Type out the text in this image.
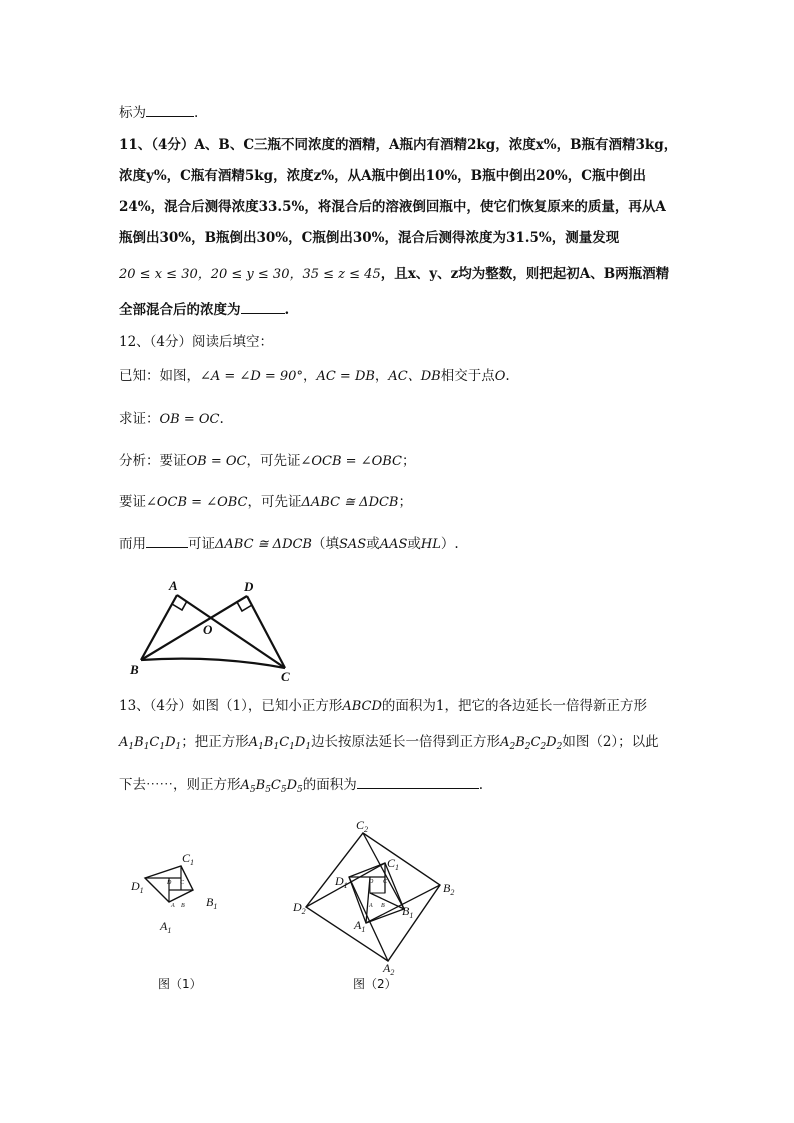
标为	.
11、（4分）A、B、C三瓶不同浓度的酒精，A瓶内有酒精2kg，浓度x%，B瓶有酒精3kg，
浓度y%，C瓶有酒精5kg，浓度z%，从A瓶中倒出10%，B瓶中倒出20%，C瓶中倒出
24%，混合后测得浓度33.5%，将混合后的溶液倒回瓶中，使它们恢复原来的质量，再从A
瓶倒出30%，B瓶倒出30%，C瓶倒出30%，混合后测得浓度为31.5%，测量发现
20 ≤ x ≤ 30，20 ≤ y ≤ 30，35 ≤ z ≤ 45，且x、y、z均为整数，则把起初A、B两瓶酒精
全部混合后的浓度为	.
12、（4分）阅读后填空：
已知：如图，∠A = ∠D = 90°，AC = DB，AC、DB相交于点O.
求证：OB = OC.
分析：要证OB = OC，可先证∠OCB = ∠OBC；
要证∠OCB = ∠OBC，可先证ΔABC ≅ ΔDCB；
而用	可证ΔABC ≅ ΔDCB（填SAS或AAS或HL）.
A	D
O
B	C
13、（4分）如图（1），已知小正方形ABCD的面积为1，把它的各边延长一倍得新正方形
$A_1B_1C_1D_1$；把正方形$A_1B_1C_1D_1$边长按原法延长一倍得到正方形$A_2B_2C_2D_2$如图（2）；以此
下去⋯⋯，则正方形$A_5B_5C_5D_5$的面积为	.
$D_1$
$C_1$
$B_1$
$A_1$
D C
A B
图（1）
$C_2$
$B_2$
$D_2$
$A_2$
$C_1$
$D_1$
$B_1$
$A_1$
D C
A B
图（2）
